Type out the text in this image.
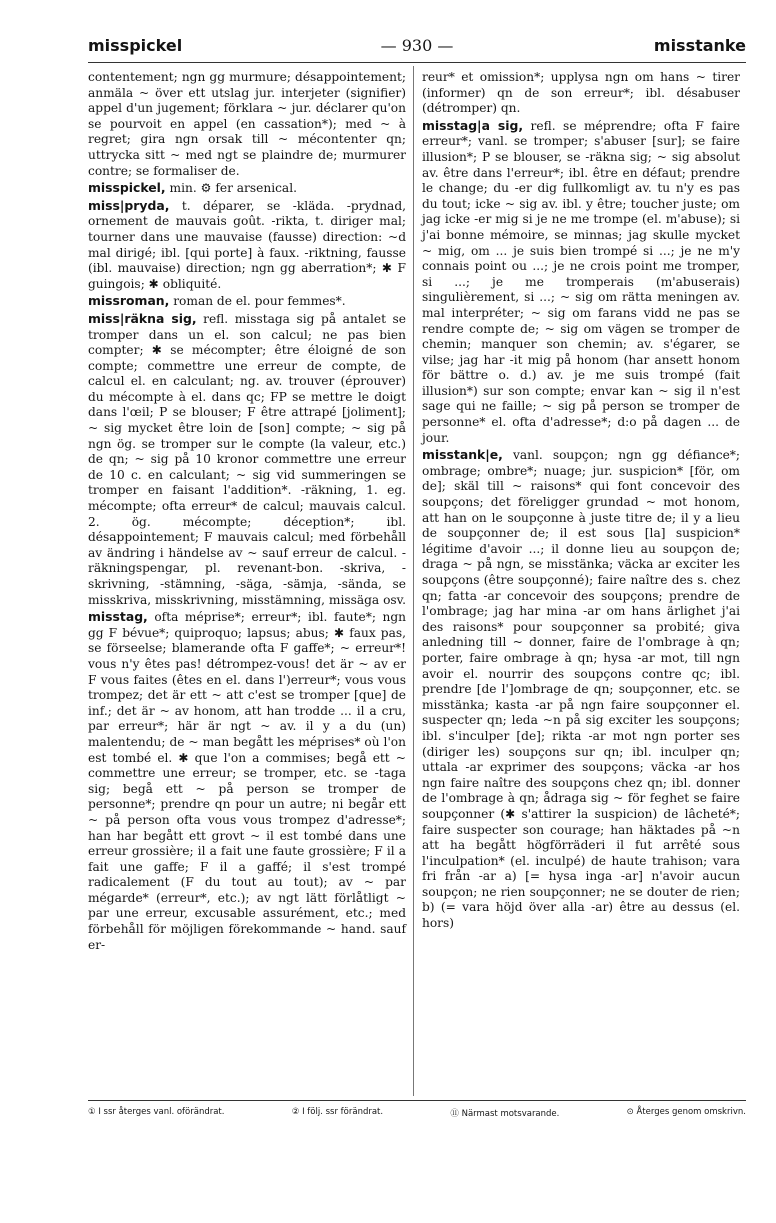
misspickel	— 930 —	misstanke

contentement; ngn gg murmure; désappointement; anmäla ~ över ett utslag jur. interjeter (signifier) appel d'un jugement; förklara ~ jur. déclarer qu'on se pourvoit en appel (en cassation*); med ~ à regret; gira ngn orsak till ~ mécontenter qn; uttrycka sitt ~ med ngt se plaindre de; murmurer contre; se formaliser de.

misspickel, min. ⚙ fer arsenical.

miss|pryda, t. déparer, se -kläda. -prydnad, ornement de mauvais goût. -rikta, t. diriger mal; tourner dans une mauvaise (fausse) direction: ~d mal dirigé; ibl. [qui porte] à faux. -riktning, fausse (ibl. mauvaise) direction; ngn gg aberration*; ✱ F guingois; ✱ obliquité.

missroman, roman de el. pour femmes*.

miss|räkna sig, refl. misstaga sig på antalet se tromper dans un el. son calcul; ne pas bien compter; ✱ se mécompter; être éloigné de son compte; commettre une erreur de compte, de calcul el. en calculant; ng. av. trouver (éprouver) du mécompte à el. dans qc; FP se mettre le doigt dans l'œil; P se blouser; F être attrapé [joliment]; ~ sig mycket être loin de [son] compte; ~ sig på ngn ög. se tromper sur le compte (la valeur, etc.) de qn; ~ sig på 10 kronor commettre une erreur de 10 c. en calculant; ~ sig vid summeringen se tromper en faisant l'addition*. -räkning, 1. eg. mécompte; ofta erreur* de calcul; mauvais calcul. 2. ög. mécompte; déception*; ibl. désappointement; F mauvais calcul; med förbehåll av ändring i händelse av ~ sauf erreur de calcul. -räkningspengar, pl. revenant-bon. -skriva, -skrivning, -stämning, -säga, -sämja, -sända, se misskriva, misskrivning, misstämning, missäga osv.

misstag, ofta méprise*; erreur*; ibl. faute*; ngn gg F bévue*; quiproquo; lapsus; abus; ✱ faux pas, se förseelse; blamerande ofta F gaffe*; ~ erreur*! vous n'y êtes pas! détrompez-vous! det är ~ av er F vous faites (êtes en el. dans l')erreur*; vous vous trompez; det är ett ~ att c'est se tromper [que] de inf.; det är ~ av honom, att han trodde ... il a cru, par erreur*; här är ngt ~ av. il y a du (un) malentendu; de ~ man begått les méprises* où l'on est tombé el. ✱ que l'on a commises; begå ett ~ commettre une erreur; se tromper, etc. se -taga sig; begå ett ~ på person se tromper de personne*; prendre qn pour un autre; ni begår ett ~ på person ofta vous vous trompez d'adresse*; han har begått ett grovt ~ il est tombé dans une erreur grossière; il a fait une faute grossière; F il a fait une gaffe; F il a gaffé; il s'est trompé radicalement (F du tout au tout); av ~ par mégarde* (erreur*, etc.); av ngt lätt förlåtligt ~ par une erreur, excusable assurément, etc.; med förbehåll för möjligen förekommande ~ hand. sauf er-

reur* et omission*; upplysa ngn om hans ~ tirer (informer) qn de son erreur*; ibl. désabuser (détromper) qn.

misstag|a sig, refl. se méprendre; ofta F faire erreur*; vanl. se tromper; s'abuser [sur]; se faire illusion*; P se blouser, se -räkna sig; ~ sig absolut av. être dans l'erreur*; ibl. être en défaut; prendre le change; du -er dig fullkomligt av. tu n'y es pas du tout; icke ~ sig av. ibl. y être; toucher juste; om jag icke -er mig si je ne me trompe (el. m'abuse); si j'ai bonne mémoire, se minnas; jag skulle mycket ~ mig, om ... je suis bien trompé si ...; je ne m'y connais point ou ...; je ne crois point me tromper, si ...; je me tromperais (m'abuserais) singulièrement, si ...; ~ sig om rätta meningen av. mal interpréter; ~ sig om farans vidd ne pas se rendre compte de; ~ sig om vägen se tromper de chemin; manquer son chemin; av. s'égarer, se vilse; jag har -it mig på honom (har ansett honom för bättre o. d.) av. je me suis trompé (fait illusion*) sur son compte; envar kan ~ sig il n'est sage qui ne faille; ~ sig på person se tromper de personne* el. ofta d'adresse*; d:o på dagen ... de jour.

misstank|e, vanl. soupçon; ngn gg défiance*; ombrage; ombre*; nuage; jur. suspicion* [för, om de]; skäl till ~ raisons* qui font concevoir des soupçons; det föreligger grundad ~ mot honom, att han on le soupçonne à juste titre de; il y a lieu de soupçonner de; il est sous [la] suspicion* légitime d'avoir ...; il donne lieu au soupçon de; draga ~ på ngn, se misstänka; väcka ar exciter les soupçons (être soupçonné); faire naître des s. chez qn; fatta -ar concevoir des soupçons; prendre de l'ombrage; jag har mina -ar om hans ärlighet j'ai des raisons* pour soupçonner sa probité; giva anledning till ~ donner, faire de l'ombrage à qn; porter, faire ombrage à qn; hysa -ar mot, till ngn avoir el. nourrir des soupçons contre qc; ibl. prendre [de l']ombrage de qn; soupçonner, etc. se misstänka; kasta -ar på ngn faire soupçonner el. suspecter qn; leda ~n på sig exciter les soupçons; ibl. s'inculper [de]; rikta -ar mot ngn porter ses (diriger les) soupçons sur qn; ibl. inculper qn; uttala -ar exprimer des soupçons; väcka -ar hos ngn faire naître des soupçons chez qn; ibl. donner de l'ombrage à qn; ådraga sig ~ för feghet se faire soupçonner (✱ s'attirer la suspicion) de lâcheté*; faire suspecter son courage; han häktades på ~n att ha begått högförräderi il fut arrêté sous l'inculpation* (el. inculpé) de haute trahison; vara fri från -ar a) [= hysa inga -ar] n'avoir aucun soupçon; ne rien soupçonner; ne se douter de rien; b) (= vara höjd över alla -ar) être au dessus (el. hors)

① I ssr återges vanl. oförändrat.	② I följ. ssr förändrat.	⑪ Närmast motsvarande.	⊙ Återges genom omskrivn.
